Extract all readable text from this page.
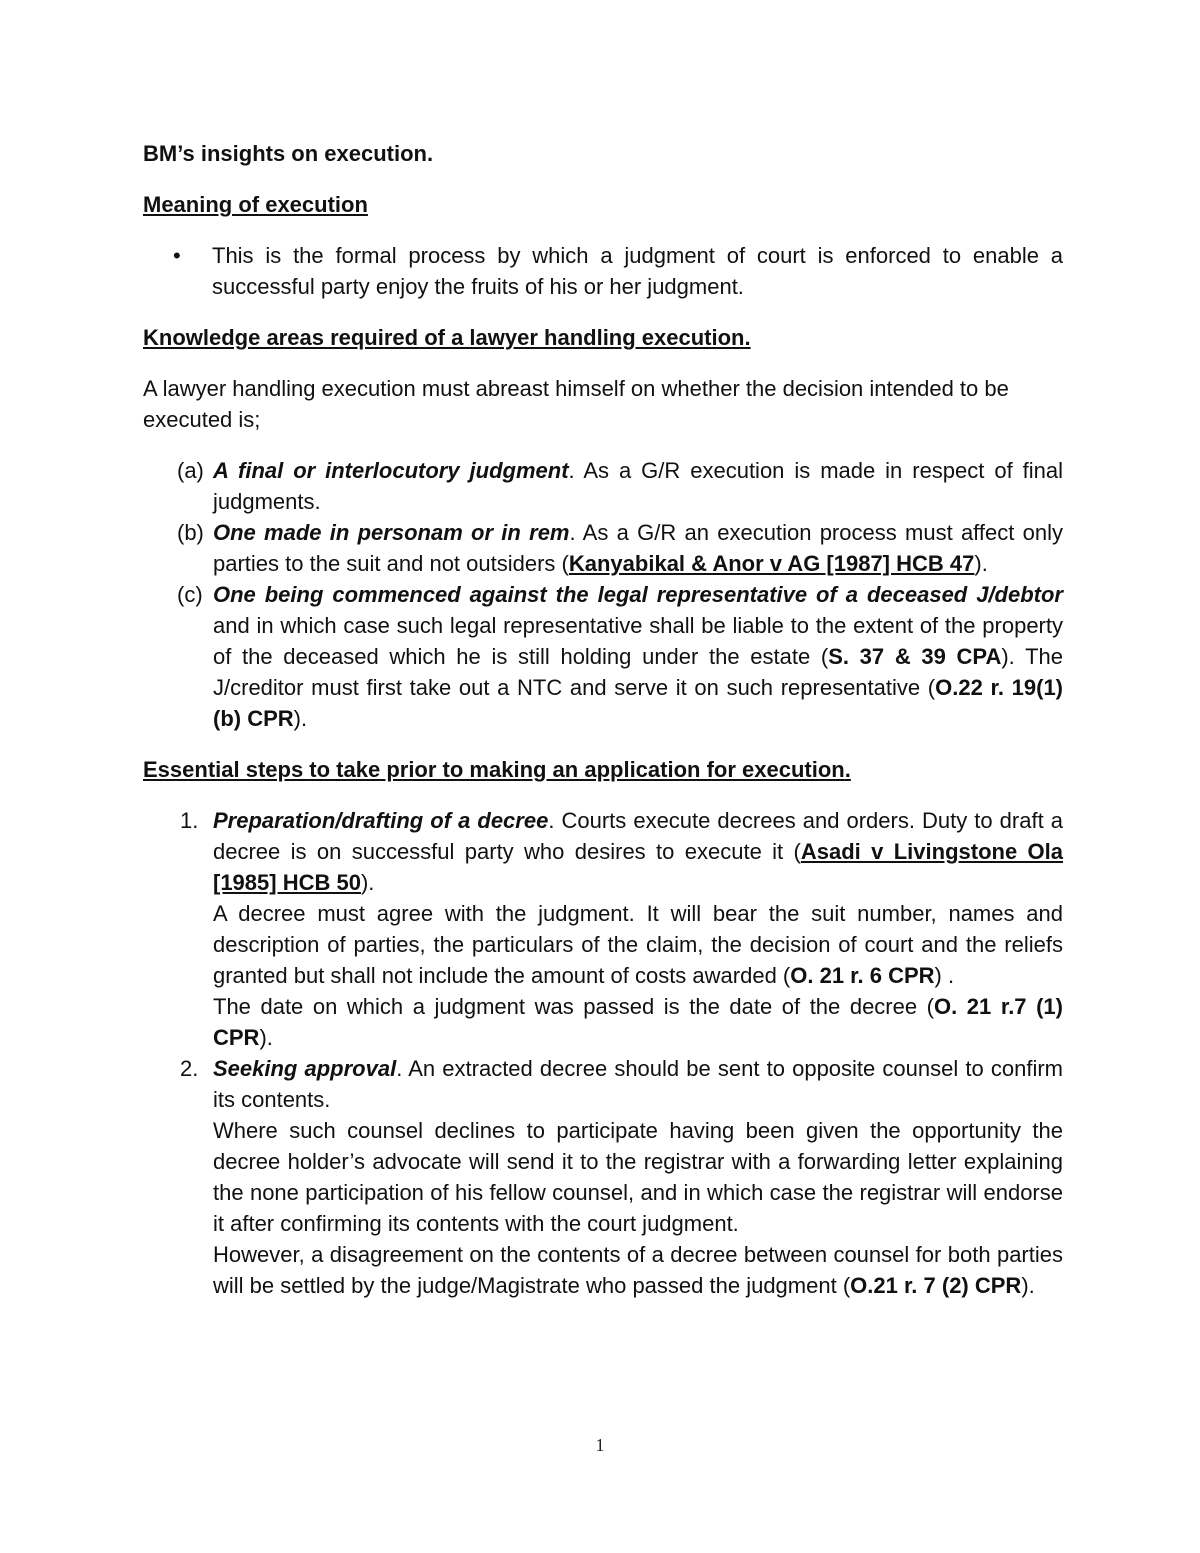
BM’s insights on execution.
Meaning of execution
• This is the formal process by which a judgment of court is enforced to enable a successful party enjoy the fruits of his or her judgment.
Knowledge areas required of a lawyer handling execution.
A lawyer handling execution must abreast himself on whether the decision intended to be executed is;
(a) A final or interlocutory judgment. As a G/R execution is made in respect of final judgments.
(b) One made in personam or in rem. As a G/R an execution process must affect only parties to the suit and not outsiders (Kanyabikal & Anor v AG [1987] HCB 47).
(c) One being commenced against the legal representative of a deceased J/debtor and in which case such legal representative shall be liable to the extent of the property of the deceased which he is still holding under the estate (S. 37 & 39 CPA). The J/creditor must first take out a NTC and serve it on such representative (O.22 r. 19(1) (b) CPR).
Essential steps to take prior to making an application for execution.
1. Preparation/drafting of a decree. Courts execute decrees and orders. Duty to draft a decree is on successful party who desires to execute it (Asadi v Livingstone Ola [1985] HCB 50).
A decree must agree with the judgment. It will bear the suit number, names and description of parties, the particulars of the claim, the decision of court and the reliefs granted but shall not include the amount of costs awarded (O. 21 r. 6 CPR) .
The date on which a judgment was passed is the date of the decree (O. 21 r.7 (1) CPR).
2. Seeking approval. An extracted decree should be sent to opposite counsel to confirm its contents.
Where such counsel declines to participate having been given the opportunity the decree holder’s advocate will send it to the registrar with a forwarding letter explaining the none participation of his fellow counsel, and in which case the registrar will endorse it after confirming its contents with the court judgment.
However, a disagreement on the contents of a decree between counsel for both parties will be settled by the judge/Magistrate who passed the judgment (O.21 r. 7 (2) CPR).
1
